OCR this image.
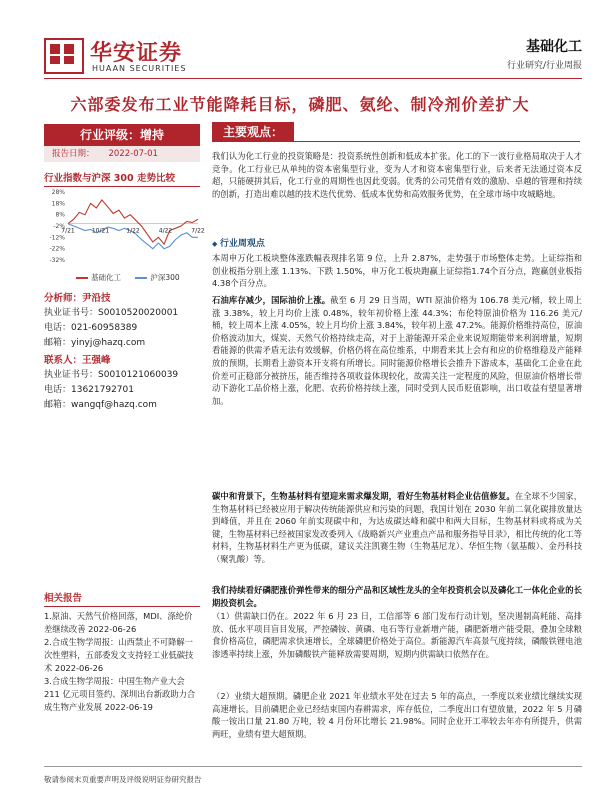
华安证券
HUAAN SECURITIES
基础化工
行业研究/行业周报
六部委发布工业节能降耗目标，磷肥、氨纶、制冷剂价差扩大
行业评级：增持
报告日期： 2022-07-01
行业指数与沪深 300 走势比较
28%
18%
8%
-2%
-12%
-22%
-32%
7/21	10/21	1/22	4/22	7/22
基础化工	沪深300
分析师：尹沿技
执业证书号：S0010520020001
电话：021-60958389
邮箱：yinyj@hazq.com
联系人：王强峰
执业证书号：S0010121060039
电话：13621792701
邮箱：wangqf@hazq.com
相关报告
1.原油、天然气价格回落，MDI、涤纶价差继续改善 2022-06-26
2.合成生物学周报：山西禁止不可降解一次性塑料，五部委发文支持轻工业低碳技术 2022-06-26
3.合成生物学周报：中国生物产业大会 211 亿元项目签约、深圳出台新政助力合成生物产业发展 2022-06-19
主要观点：
我们认为化工行业的投资策略是：投资系统性创新和低成本扩张。化工的下一波行业格局取决于人才竞争。化工行业已从单纯的资本密集型行业，变为人才和资本密集型行业，后来者无法通过资本反超，只能硬拼其后，化工行业的周期性也因此变弱。优秀的公司凭借有效的激励、卓越的管理和持续的创新，打造出难以越的技术迭代优势、低成本优势和高效服务优势，在全球市场中攻城略地。
◆ 行业周观点
本周申万化工板块整体涨跌幅表现排名第 9 位，上升 2.87%，走势强于市场整体走势。上证综指和创业板指分别上涨 1.13%、下跌 1.50%，申万化工板块跑赢上证综指1.74个百分点，跑赢创业板指4.38个百分点。
石油库存减少，国际油价上涨。截至 6 月 29 日当周，WTI 原油价格为 106.78 美元/桶，较上周上涨 3.38%，较上月均价上涨 0.48%，较年初价格上涨 44.3%；布伦特原油价格为 116.26 美元/桶，较上周本上涨 4.05%，较上月均价上涨 3.84%，较年初上涨 47.2%。能源价格维持高位，原油价格波动加大，煤炭、天然气价格持续走高，对于上游能源开采企业来说短期能带来利润增量，短期看能源的供需矛盾无法有效缓解，价格仍将在高位维系，中期看来其上会有和应的价格维稳及产能释放的预期，长期看上游资本开支将有所增长。同时能源价格增长会推升下游成本，基础化工企业在此价差可正稳部分被挤压，能否维持各项收益体现较化，故需关注一定程度的风险，但原油价格增长带动下游化工品价格上涨，化肥、农药价格持续上涨，同时受到人民币贬值影响，出口收益有望显著增加。
碳中和背景下，生物基材料有望迎来需求爆发期，看好生物基材料企业估值修复。在全球不少国家，生物基材料已经被应用于解决传统能源供应和污染的问题，我国计划在 2030 年前二氧化碳排放量达到峰值，并且在 2060 年前实现碳中和，为达成碳达峰和碳中和两大目标，生物基材料或将成为关键，生物基材料已经被国家发改委列入《战略新兴产业重点产品和服务指导目录》，相比传统的化工等材料，生物基材料生产更为低碳，建议关注凯赛生物（生物基尼龙）、华恒生物（氨基酸）、金丹科技（聚乳酸）等。
我们持续看好磷肥涨价弹性带来的细分产品和区域性龙头的全年投资机会以及磷化工一体化企业的长期投资机会。
（1）供需缺口仍在。2022 年 6 月 23 日，工信部等 6 部门发布行动计划，坚决遏制高耗能、高排放、低水平项目盲目发展，严控磷铵、黄磷、电石等行业新增产能，磷肥新增产能受限，叠加全球粮食价格高位，磷肥需求快速增长，全球磷肥价格处于高位。新能源汽车高景气度持续，磷酸铁锂电池渗透率持续上涨，外加磷酸铁产能释放需要周期，短期内供需缺口依然存在。
（2）业绩大超预期。磷肥企业 2021 年业绩水平处在过去 5 年的高点，一季度以来业绩比继续实现高速增长。目前磷肥企业已经结束国内春耕需求，库存低位，二季度出口有望放量，2022 年 5 月磷酸一铵出口量 21.80 万吨，较 4 月份环比增长 21.98%。同时企业开工率较去年亦有所提升，供需两旺，业绩有望大超预期。
敬请参阅末页重要声明及评级说明证券研究报告
